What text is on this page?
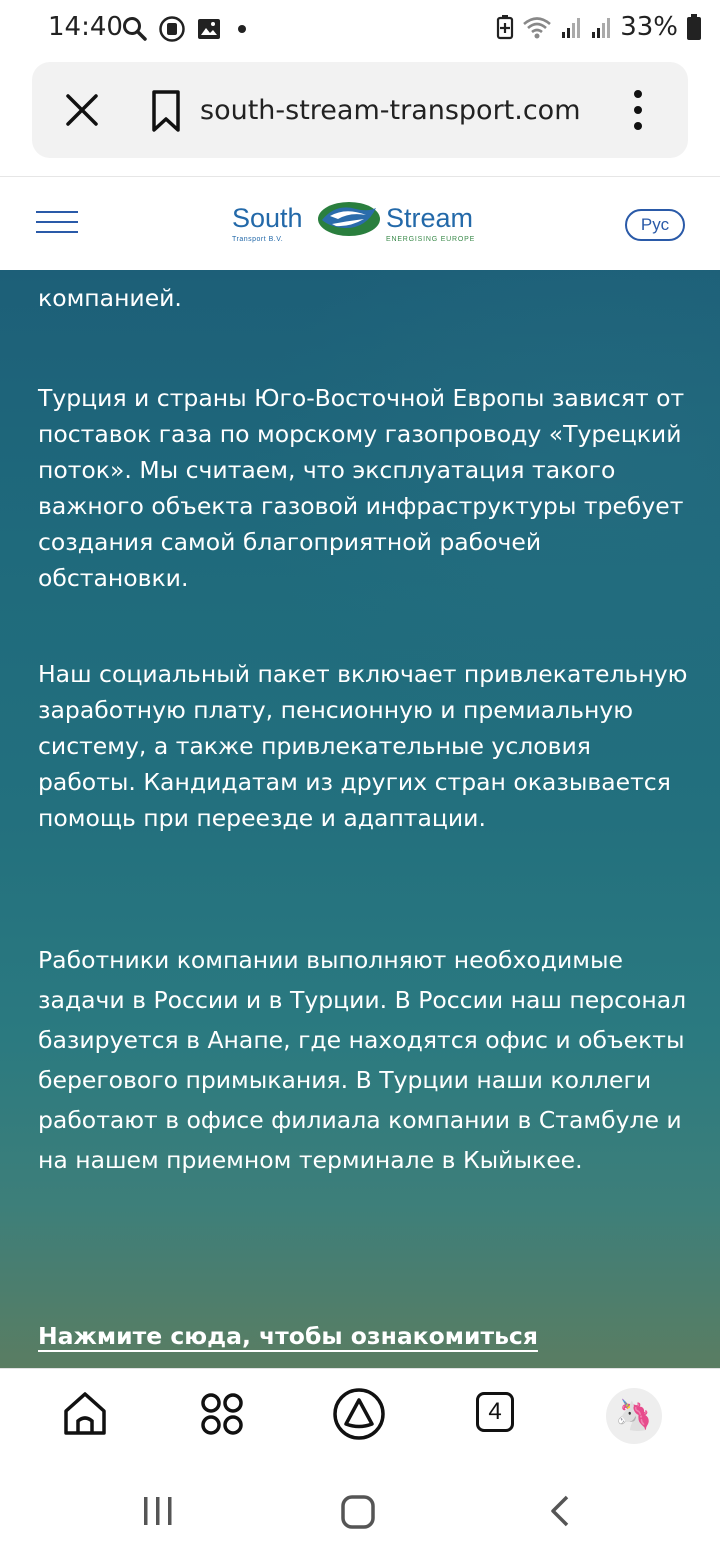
14:40	33%
south-stream-transport.com
South	Stream
Transport B.V.	ENERGISING EUROPE
Рус

компанией.

Турция и страны Юго-Восточной Европы зависят от поставок газа по морскому газопроводу «Турецкий поток». Мы считаем, что эксплуатация такого важного объекта газовой инфраструктуры требует создания самой благоприятной рабочей обстановки.

Наш социальный пакет включает привлекательную заработную плату, пенсионную и премиальную систему, а также привлекательные условия работы. Кандидатам из других стран оказывается помощь при переезде и адаптации.

Работники компании выполняют необходимые задачи в России и в Турции. В России наш персонал базируется в Анапе, где находятся офис и объекты берегового примыкания. В Турции наши коллеги работают в офисе филиала компании в Стамбуле и на нашем приемном терминале в Кыйыкее.

Нажмите сюда, чтобы ознакомиться
4	🦄
